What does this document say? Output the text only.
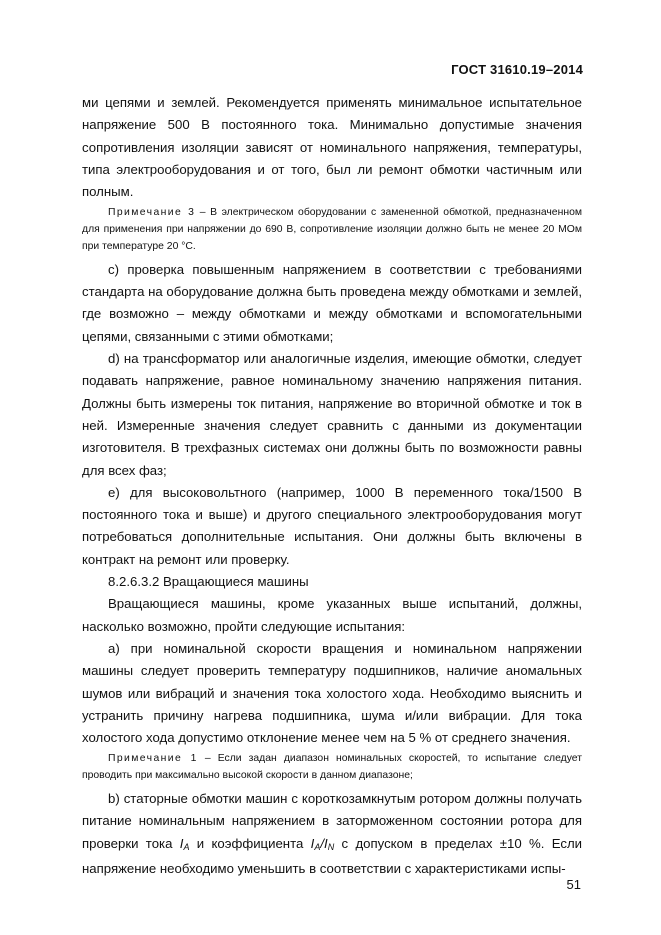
ГОСТ 31610.19–2014

ми цепями и землей. Рекомендуется применять минимальное испытательное напряжение 500 В постоянного тока. Минимально допустимые значения сопротивления изоляции зависят от номинального напряжения, температуры, типа электрооборудования и от того, был ли ремонт обмотки частичным или полным.

Примечание 3 – В электрическом оборудовании с замененной обмоткой, предназначенном для применения при напряжении до 690 В, сопротивление изоляции должно быть не менее 20 МОм при температуре 20 °С.

с) проверка повышенным напряжением в соответствии с требованиями стандарта на оборудование должна быть проведена между обмотками и землей, где возможно – между обмотками и между обмотками и вспомогательными цепями, связанными с этими обмотками;

d) на трансформатор или аналогичные изделия, имеющие обмотки, следует подавать напряжение, равное номинальному значению напряжения питания. Должны быть измерены ток питания, напряжение во вторичной обмотке и ток в ней. Измеренные значения следует сравнить с данными из документации изготовителя. В трехфазных системах они должны быть по возможности равны для всех фаз;

е) для высоковольтного (например, 1000 В переменного тока/1500 В постоянного тока и выше) и другого специального электрооборудования могут потребоваться дополнительные испытания. Они должны быть включены в контракт на ремонт или проверку.

8.2.6.3.2 Вращающиеся машины

Вращающиеся машины, кроме указанных выше испытаний, должны, насколько возможно, пройти следующие испытания:

а) при номинальной скорости вращения и номинальном напряжении машины следует проверить температуру подшипников, наличие аномальных шумов или вибраций и значения тока холостого хода. Необходимо выяснить и устранить причину нагрева подшипника, шума и/или вибрации. Для тока холостого хода допустимо отклонение менее чем на 5 % от среднего значения.

Примечание 1 – Если задан диапазон номинальных скоростей, то испытание следует проводить при максимально высокой скорости в данном диапазоне;

b) статорные обмотки машин с короткозамкнутым ротором должны получать питание номинальным напряжением в заторможенном состоянии ротора для проверки тока $I_A$ и коэффициента $I_A/I_N$ с допуском в пределах ±10 %. Если напряжение необходимо уменьшить в соответствии с характеристиками испы-

51
